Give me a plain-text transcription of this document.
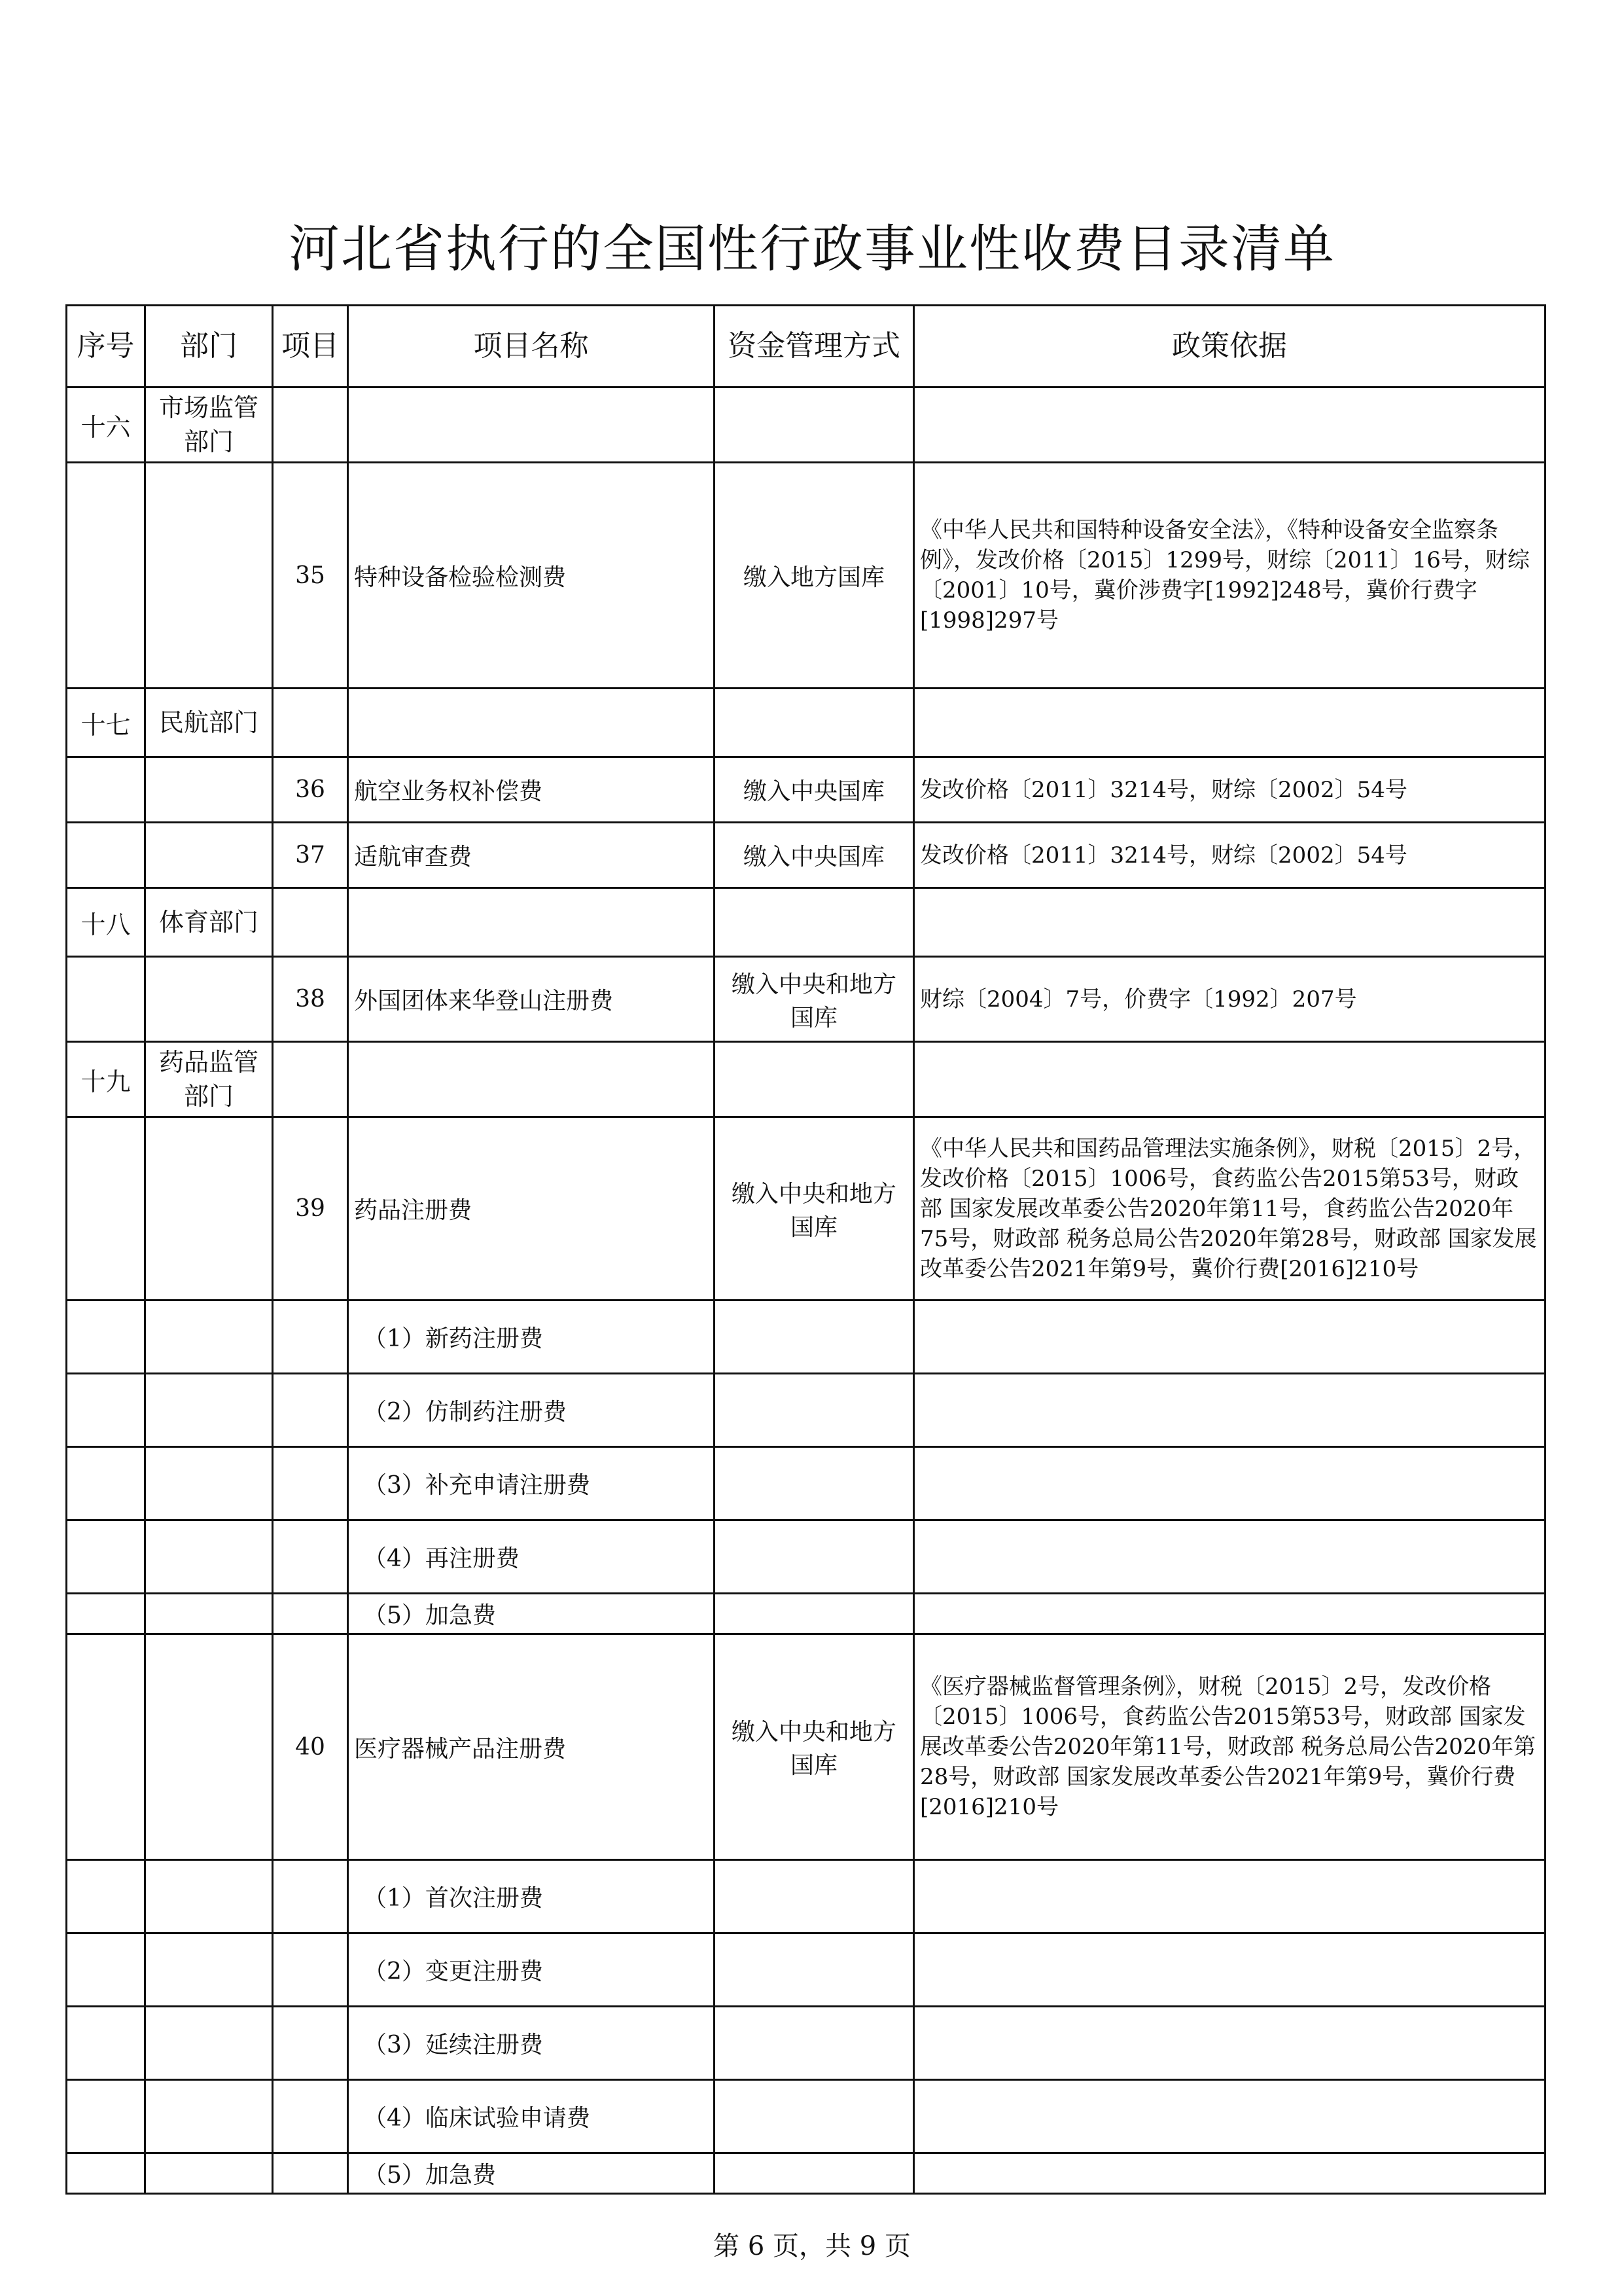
河北省执行的全国性行政事业性收费目录清单
序号	部门	项目	项目名称	资金管理方式	政策依据
十六	市场监管部门				
		35	特种设备检验检测费	缴入地方国库	《中华人民共和国特种设备安全法》，《特种设备安全监察条例》，发改价格〔2015〕1299号，财综〔2011〕16号，财综〔2001〕10号，冀价涉费字[1992]248号，冀价行费字[1998]297号
十七	民航部门				
		36	航空业务权补偿费	缴入中央国库	发改价格〔2011〕3214号，财综〔2002〕54号
		37	适航审查费	缴入中央国库	发改价格〔2011〕3214号，财综〔2002〕54号
十八	体育部门				
		38	外国团体来华登山注册费	缴入中央和地方国库	财综〔2004〕7号，价费字〔1992〕207号
十九	药品监管部门				
		39	药品注册费	缴入中央和地方国库	《中华人民共和国药品管理法实施条例》，财税〔2015〕2号，发改价格〔2015〕1006号，食药监公告2015第53号，财政部 国家发展改革委公告2020年第11号，食药监公告2020年75号，财政部 税务总局公告2020年第28号，财政部 国家发展改革委公告2021年第9号，冀价行费[2016]210号
			（1）新药注册费		
			（2）仿制药注册费		
			（3）补充申请注册费		
			（4）再注册费		
			（5）加急费		
		40	医疗器械产品注册费	缴入中央和地方国库	《医疗器械监督管理条例》，财税〔2015〕2号，发改价格〔2015〕1006号，食药监公告2015第53号，财政部 国家发展改革委公告2020年第11号，财政部 税务总局公告2020年第28号，财政部 国家发展改革委公告2021年第9号，冀价行费[2016]210号
			（1）首次注册费		
			（2）变更注册费		
			（3）延续注册费		
			（4）临床试验申请费		
			（5）加急费		
第 6 页，共 9 页
